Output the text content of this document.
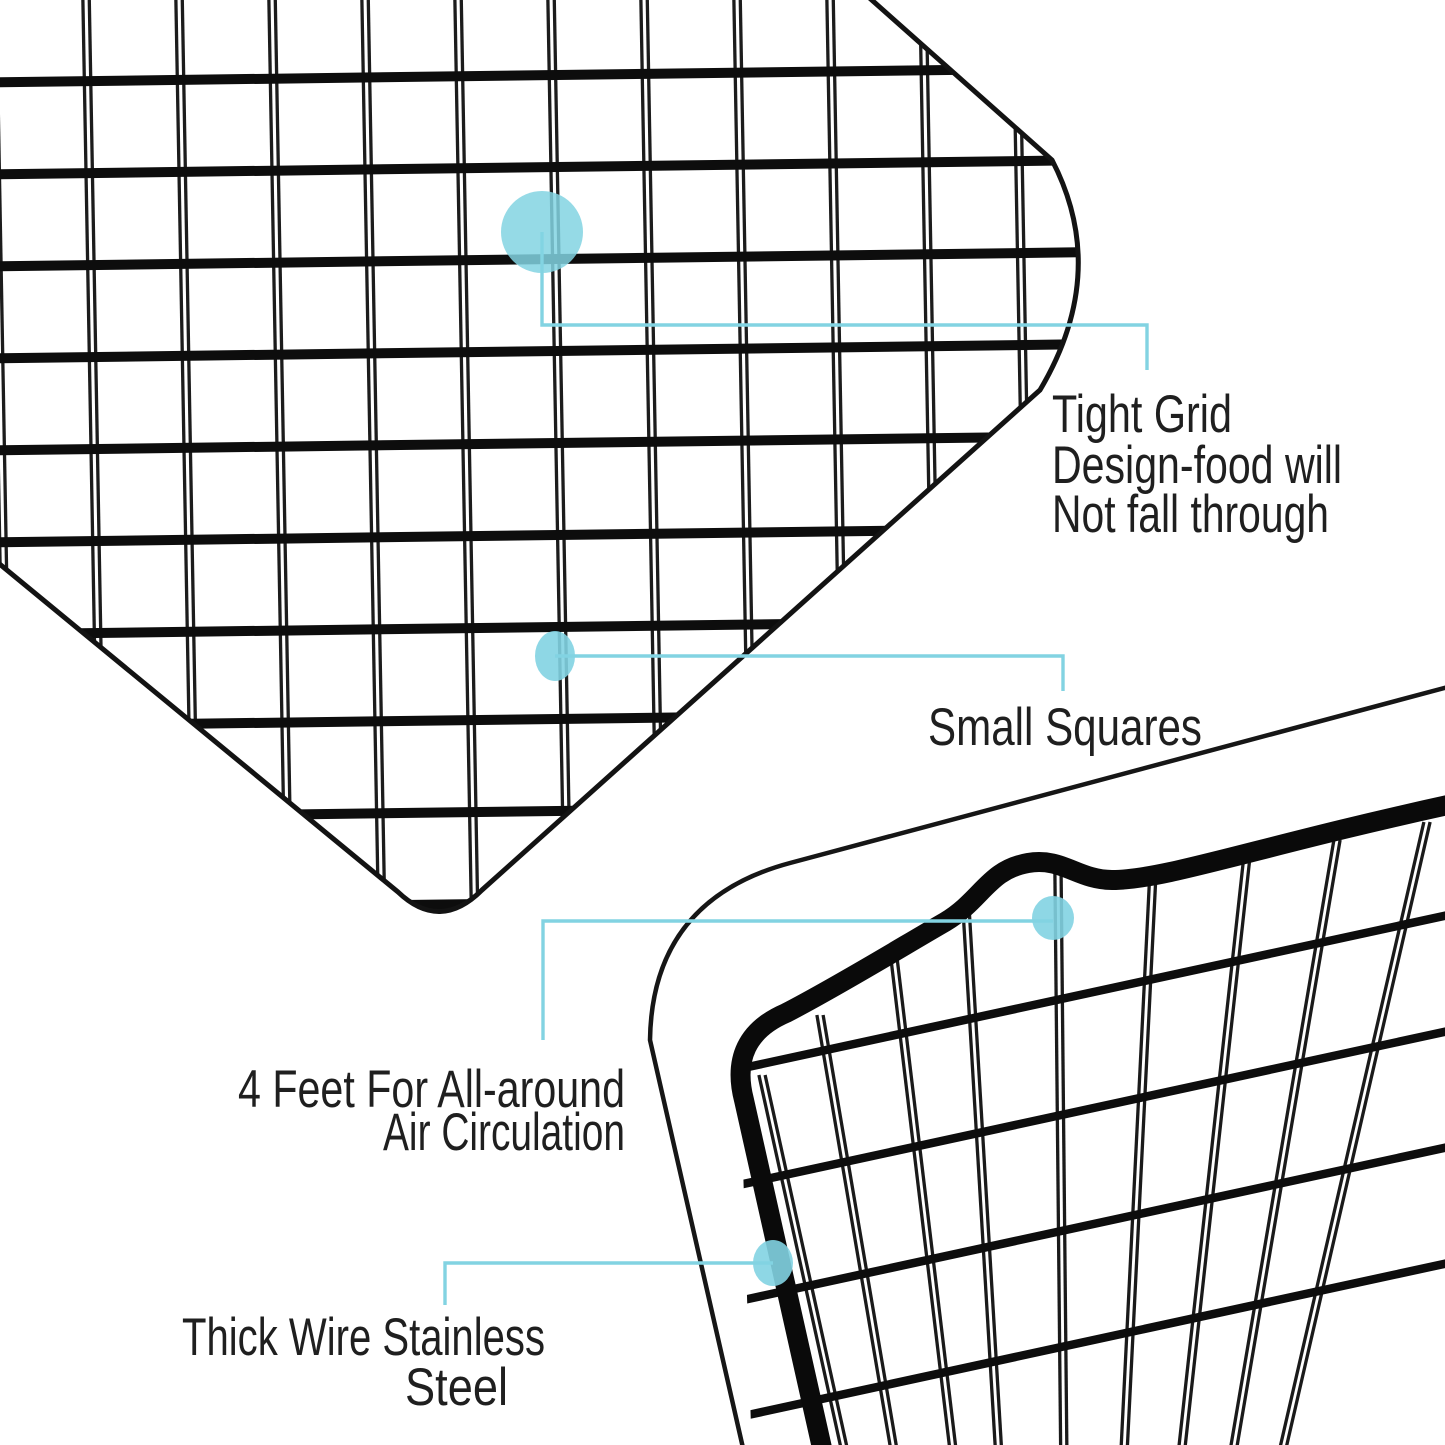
Tight Grid
Design-food will
Not fall through
Small Squares
4 Feet For All-around
Air Circulation
Thick Wire Stainless
Steel
